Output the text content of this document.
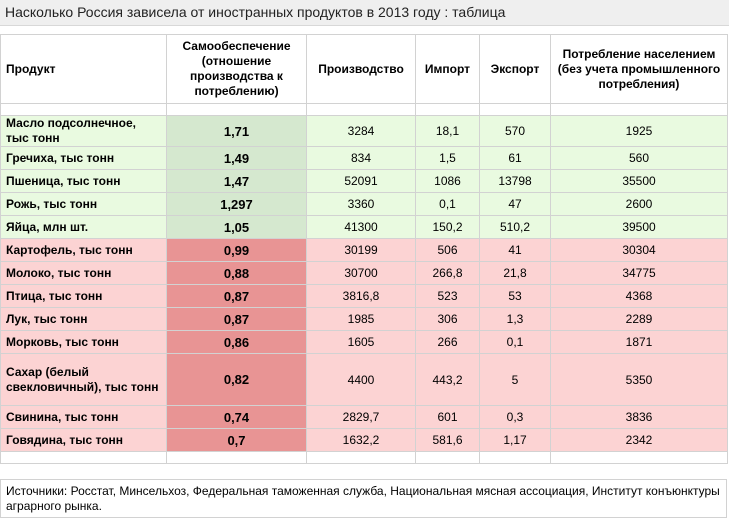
Насколько Россия зависела от иностранных продуктов в 2013 году : таблица
Продукт	Самообеспечение (отношение производства к потреблению)	Производство	Импорт	Экспорт	Потребление населением (без учета промышленного потребления)

Масло подсолнечное, тыс тонн	1,71	3284	18,1	570	1925
Гречиха, тыс тонн	1,49	834	1,5	61	560
Пшеница, тыс тонн	1,47	52091	1086	13798	35500
Рожь, тыс тонн	1,297	3360	0,1	47	2600
Яйца, млн шт.	1,05	41300	150,2	510,2	39500
Картофель, тыс тонн	0,99	30199	506	41	30304
Молоко, тыс тонн	0,88	30700	266,8	21,8	34775
Птица, тыс тонн	0,87	3816,8	523	53	4368
Лук, тыс тонн	0,87	1985	306	1,3	2289
Морковь, тыс тонн	0,86	1605	266	0,1	1871
Сахар (белый свекловичный), тыс тонн	0,82	4400	443,2	5	5350
Свинина, тыс тонн	0,74	2829,7	601	0,3	3836
Говядина, тыс тонн	0,7	1632,2	581,6	1,17	2342

Источники: Росстат, Минсельхоз, Федеральная таможенная служба, Национальная мясная ассоциация, Институт конъюнктуры аграрного рынка.
